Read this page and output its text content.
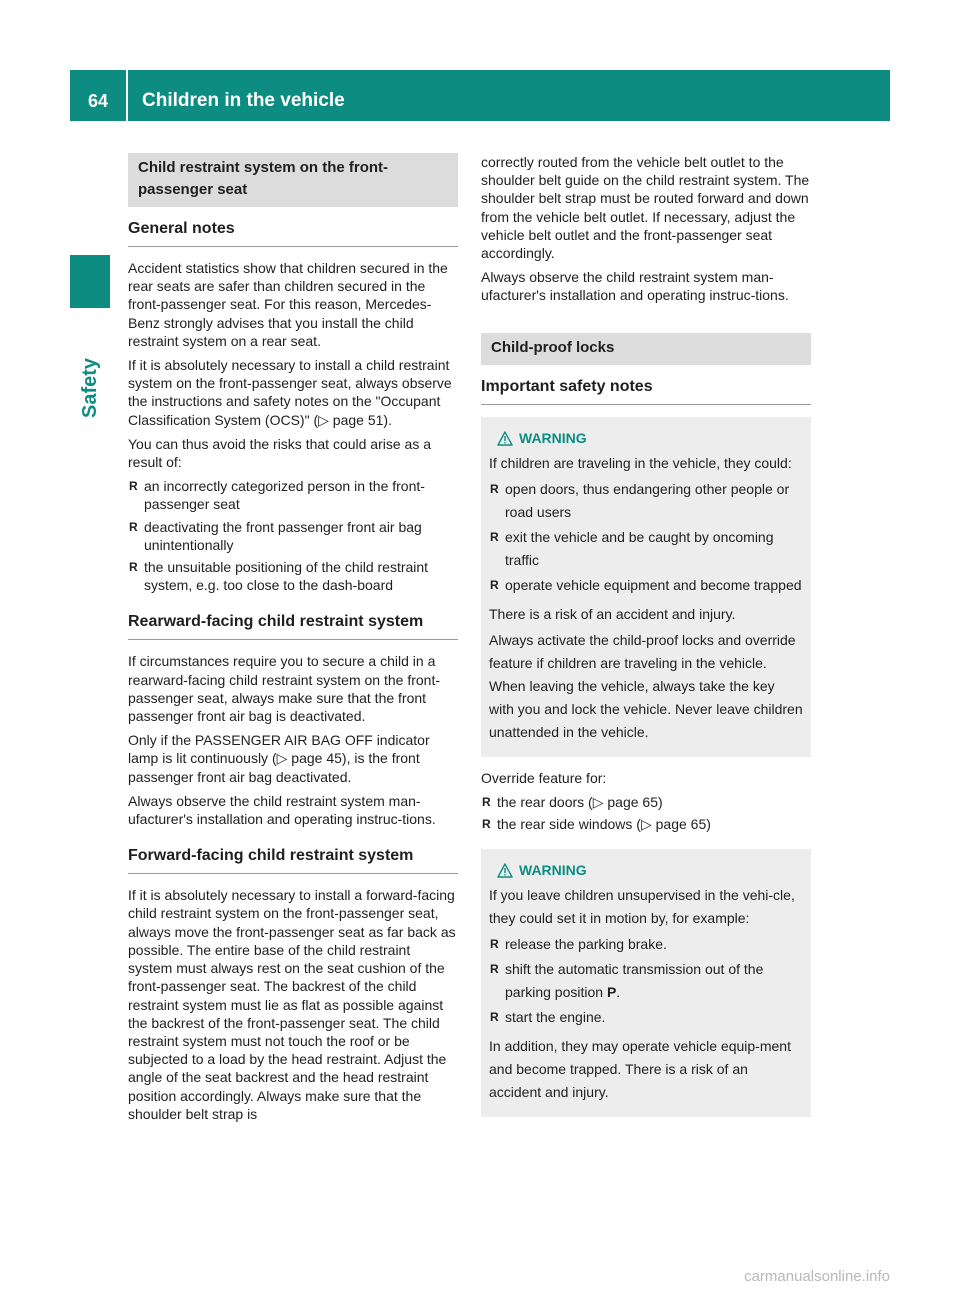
64	Children in the vehicle
Safety
Child restraint system on the front-
passenger seat
General notes

Accident statistics show that children secured in the rear seats are safer than children secured in the front-passenger seat. For this reason, Mercedes-Benz strongly advises that you install the child restraint system on a rear seat.

If it is absolutely necessary to install a child restraint system on the front-passenger seat, always observe the instructions and safety notes on the "Occupant Classification System (OCS)" (▷ page 51).

You can thus avoid the risks that could arise as a result of:

R an incorrectly categorized person in the front-passenger seat
R deactivating the front passenger front air bag unintentionally
R the unsuitable positioning of the child restraint system, e.g. too close to the dash-board
Rearward-facing child restraint system

If circumstances require you to secure a child in a rearward-facing child restraint system on the front-passenger seat, always make sure that the front passenger front air bag is deactivated.

Only if the PASSENGER AIR BAG OFF indicator lamp is lit continuously (▷ page 45), is the front passenger front air bag deactivated.

Always observe the child restraint system man-ufacturer's installation and operating instruc-tions.

Forward-facing child restraint system

If it is absolutely necessary to install a forward-facing child restraint system on the front-passenger seat, always move the front-passenger seat as far back as possible. The entire base of the child restraint system must always rest on the seat cushion of the front-passenger seat. The backrest of the child restraint system must lie as flat as possible against the backrest of the front-passenger seat. The child restraint system must not touch the roof or be subjected to a load by the head restraint. Adjust the angle of the seat backrest and the head restraint position accordingly. Always make sure that the shoulder belt strap is

correctly routed from the vehicle belt outlet to the shoulder belt guide on the child restraint system. The shoulder belt strap must be routed forward and down from the vehicle belt outlet. If necessary, adjust the vehicle belt outlet and the front-passenger seat accordingly.

Always observe the child restraint system man-ufacturer's installation and operating instruc-tions.

Child-proof locks
Important safety notes
WARNING

If children are traveling in the vehicle, they could:

R open doors, thus endangering other people or road users
R exit the vehicle and be caught by oncoming traffic
R operate vehicle equipment and become trapped

There is a risk of an accident and injury.

Always activate the child-proof locks and override feature if children are traveling in the vehicle. When leaving the vehicle, always take the key with you and lock the vehicle. Never leave children unattended in the vehicle.

Override feature for:

R the rear doors (▷ page 65)
R the rear side windows (▷ page 65)
WARNING

If you leave children unsupervised in the vehi-cle, they could set it in motion by, for example:

R release the parking brake.
R shift the automatic transmission out of the parking position P.
R start the engine.

In addition, they may operate vehicle equip-ment and become trapped. There is a risk of an accident and injury.

carmanualsonline.info
